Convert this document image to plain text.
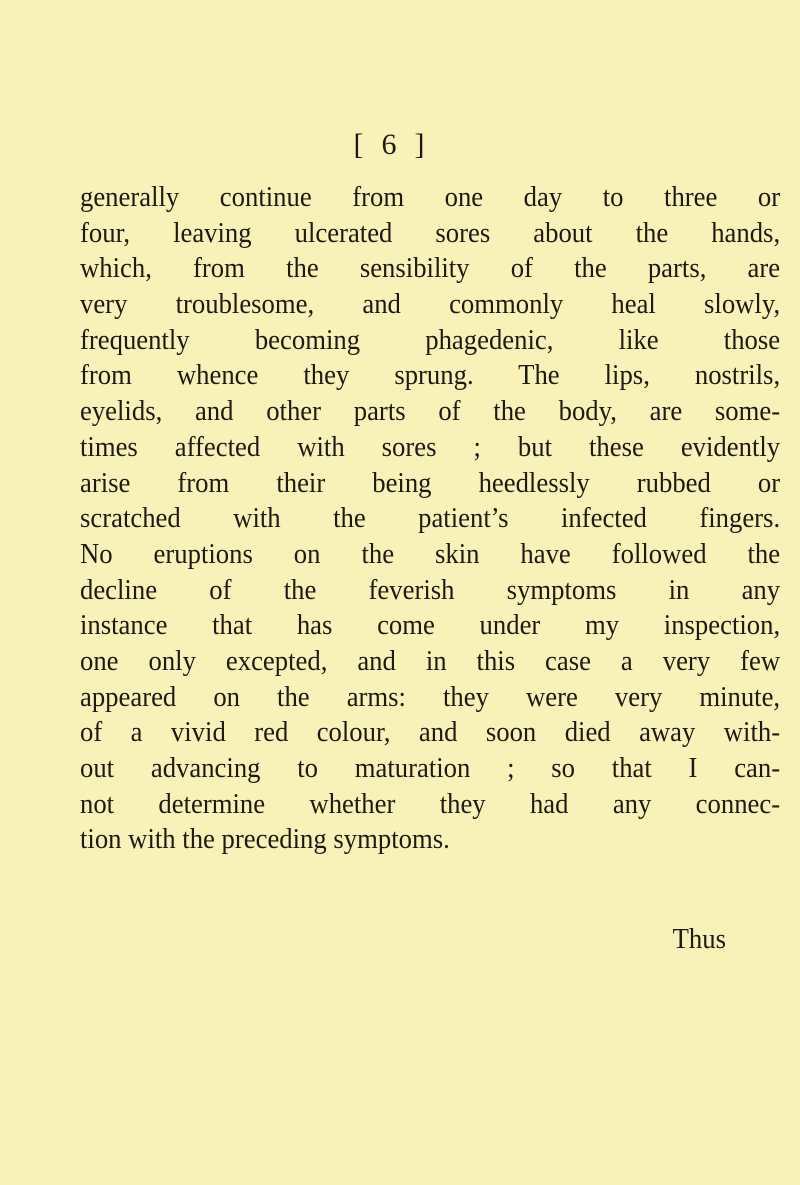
[ 6 ]
generally continue from one day to three or
four, leaving ulcerated sores about the hands,
which, from the sensibility of the parts, are
very troublesome, and commonly heal slowly,
frequently becoming phagedenic, like those
from whence they sprung. The lips, nostrils,
eyelids, and other parts of the body, are some-
times affected with sores ; but these evidently
arise from their being heedlessly rubbed or
scratched with the patient’s infected fingers.
No eruptions on the skin have followed the
decline of the feverish symptoms in any
instance that has come under my inspection,
one only excepted, and in this case a very few
appeared on the arms: they were very minute,
of a vivid red colour, and soon died away with-
out advancing to maturation ; so that I can-
not determine whether they had any connec-
tion with the preceding symptoms.
Thus
